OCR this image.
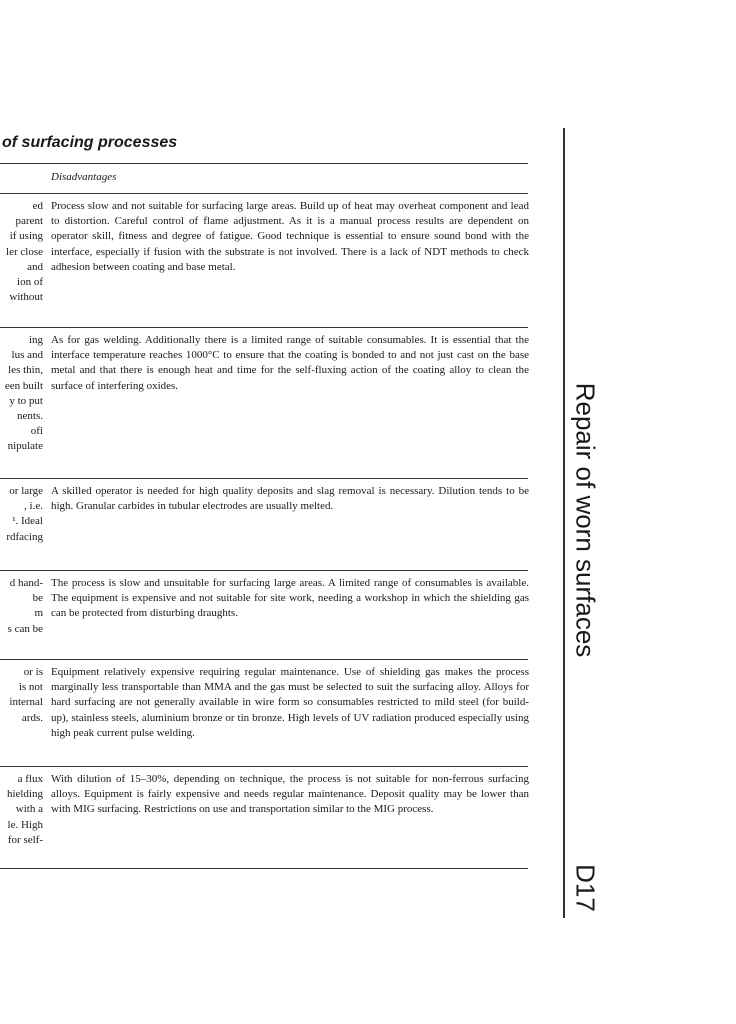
of surfacing processes

Disadvantages

ed
parent
if using
ler close
and
ion of
without

Process slow and not suitable for surfacing large areas. Build up of heat may overheat component and lead to distortion. Careful control of flame adjustment. As it is a manual process results are dependent on operator skill, fitness and degree of fatigue. Good technique is essential to ensure sound bond with the interface, especially if fusion with the substrate is not involved. There is a lack of NDT methods to check adhesion between coating and base metal.

ing
lus and
les thin,
een built
y to put
nents.
ofi
nipulate

As for gas welding. Additionally there is a limited range of suitable consumables. It is essential that the interface temperature reaches 1000°C to ensure that the coating is bonded to and not just cast on the base metal and that there is enough heat and time for the self-fluxing action of the coating alloy to clean the surface of interfering oxides.

or large
, i.e.
¹. Ideal
rdfacing

A skilled operator is needed for high quality deposits and slag removal is necessary. Dilution tends to be high. Granular carbides in tubular electrodes are usually melted.

d hand-
be
m
s can be

The process is slow and unsuitable for surfacing large areas. A limited range of consumables is available. The equipment is expensive and not suitable for site work, needing a workshop in which the shielding gas can be protected from disturbing draughts.

or is
is not
internal
ards.

Equipment relatively expensive requiring regular maintenance. Use of shielding gas makes the process marginally less transportable than MMA and the gas must be selected to suit the surfacing alloy. Alloys for hard surfacing are not generally available in wire form so consumables restricted to mild steel (for build-up), stainless steels, aluminium bronze or tin bronze. High levels of UV radiation produced especially using high peak current pulse welding.

a flux
hielding
with a
le. High
for self-

With dilution of 15–30%, depending on technique, the process is not suitable for non-ferrous surfacing alloys. Equipment is fairly expensive and needs regular maintenance. Deposit quality may be lower than with MIG surfacing. Restrictions on use and transportation similar to the MIG process.

Repair of worn surfaces

D17
